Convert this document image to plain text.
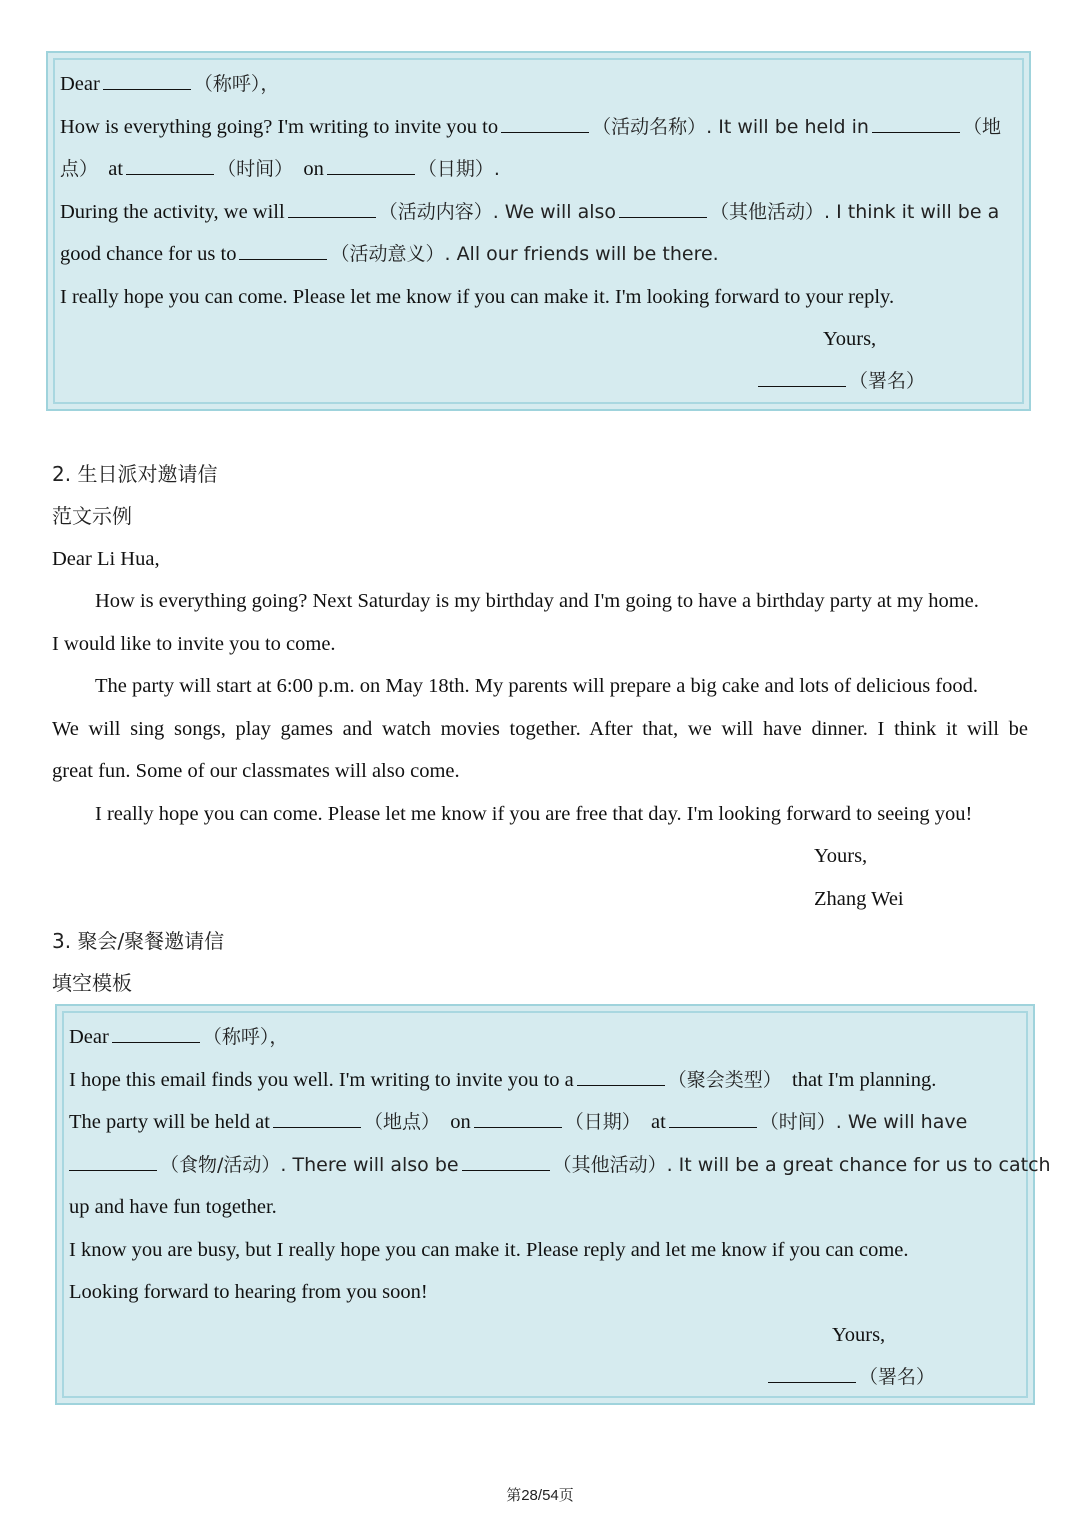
Dear	（称呼），
How is everything going? I'm writing to invite you to	（活动名称）. It will be held in	（地
点） at	（时间） on	（日期）.
During the activity, we will	（活动内容）. We will also	（其他活动）. I think it will be a
good chance for us to	（活动意义）. All our friends will be there.
I really hope you can come. Please let me know if you can make it. I'm looking forward to your reply.
Yours,
（署名）
2. 生日派对邀请信
范文示例
Dear Li Hua,
How is everything going? Next Saturday is my birthday and I'm going to have a birthday party at my home.
I would like to invite you to come.
The party will start at 6:00 p.m. on May 18th. My parents will prepare a big cake and lots of delicious food.
We will sing songs, play games and watch movies together. After that, we will have dinner. I think it will be
great fun. Some of our classmates will also come.
I really hope you can come. Please let me know if you are free that day. I'm looking forward to seeing you!
Yours,
Zhang Wei
3. 聚会/聚餐邀请信
填空模板
Dear	（称呼），
I hope this email finds you well. I'm writing to invite you to a	（聚会类型） that I'm planning.
The party will be held at	（地点） on	（日期） at	（时间）. We will have
（食物/活动）. There will also be	（其他活动）. It will be a great chance for us to catch
up and have fun together.
I know you are busy, but I really hope you can make it. Please reply and let me know if you can come.
Looking forward to hearing from you soon!
Yours,
（署名）
第28/54页
